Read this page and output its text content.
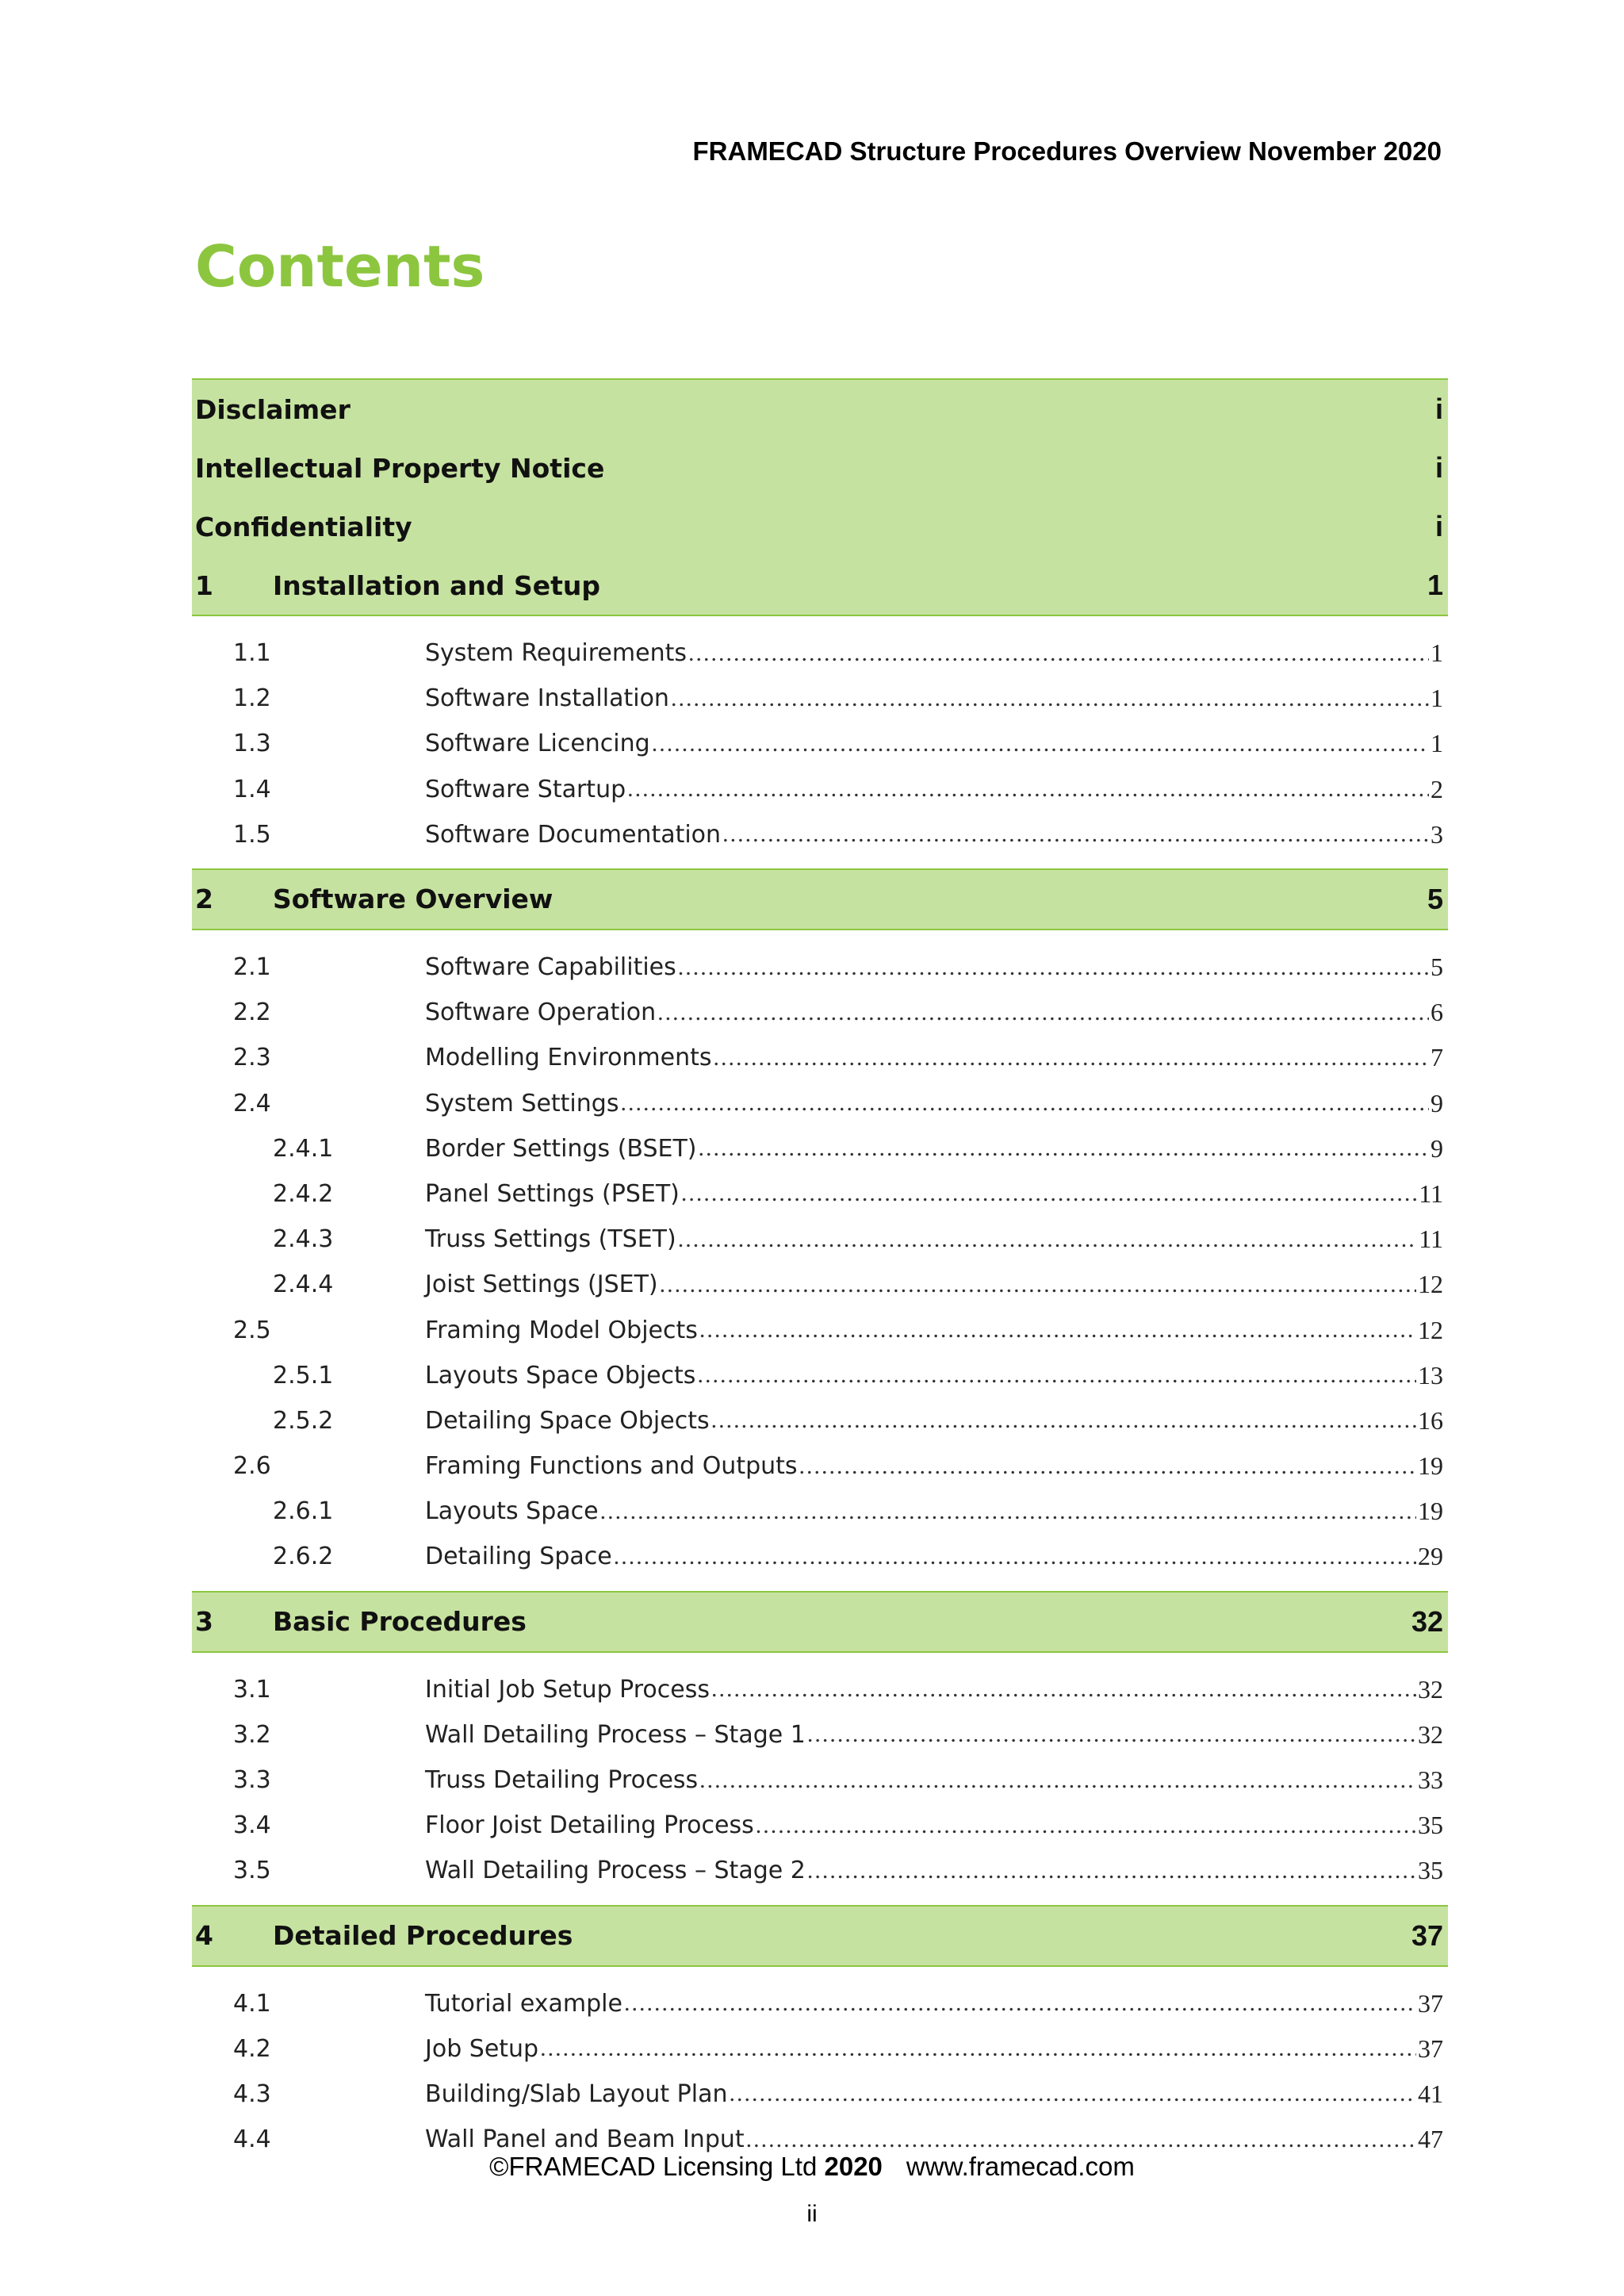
FRAMECAD Structure Procedures Overview November 2020
Contents
Disclaimer	i
Intellectual Property Notice	i
Confidentiality	i
1	Installation and Setup	1
1.1	System Requirements .....	1
1.2	Software Installation .....	1
1.3	Software Licencing .....	1
1.4	Software Startup .....	2
1.5	Software Documentation .....	3
2	Software Overview	5
2.1	Software Capabilities .....	5
2.2	Software Operation .....	6
2.3	Modelling Environments .....	7
2.4	System Settings .....	9
2.4.1	Border Settings (BSET) .....	9
2.4.2	Panel Settings (PSET) .....	11
2.4.3	Truss Settings (TSET) .....	11
2.4.4	Joist Settings (JSET) .....	12
2.5	Framing Model Objects .....	12
2.5.1	Layouts Space Objects .....	13
2.5.2	Detailing Space Objects .....	16
2.6	Framing Functions and Outputs .....	19
2.6.1	Layouts Space .....	19
2.6.2	Detailing Space .....	29
3	Basic Procedures	32
3.1	Initial Job Setup Process .....	32
3.2	Wall Detailing Process – Stage 1 .....	32
3.3	Truss Detailing Process .....	33
3.4	Floor Joist Detailing Process .....	35
3.5	Wall Detailing Process – Stage 2 .....	35
4	Detailed Procedures	37
4.1	Tutorial example .....	37
4.2	Job Setup .....	37
4.3	Building/Slab Layout Plan .....	41
4.4	Wall Panel and Beam Input .....	47
©FRAMECAD Licensing Ltd 2020 www.framecad.com
ii
